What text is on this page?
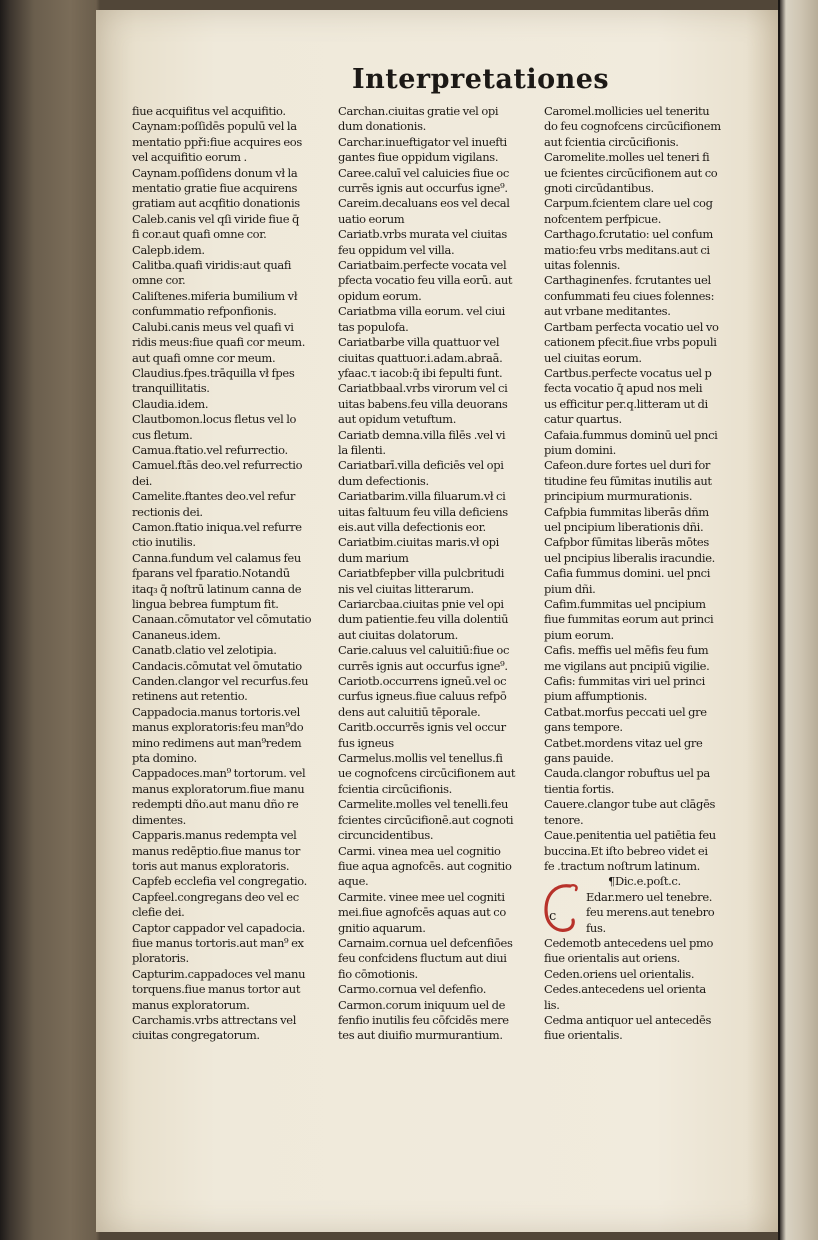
Interpretationes
fiue acquifitus vel acquifitio.
Caynam:poſſidēs populū vel la
mentatio ppři:fiue acquires eos
vel acquifitio eorum .
Caynam.poſſidens donum vł la
mentatio gratie fiue acquirens
gratiam aut acqfitio donationis
Caleb.canis vel qſi viride fiue q̄
fi cor.aut quafi omne cor.
Calepb.idem.
Calitba.quafi viridis:aut quafi
omne cor.
Caliſtenes.miferia bumilium vł
confummatio refponfionis.
Calubi.canis meus vel quafi vi
ridis meus:fiue quafi cor meum.
aut quafi omne cor meum.
Claudius.fpes.trāquilla vł fpes
tranquillitatis.
Claudia.idem.
Clautbomon.locus fletus vel lo
cus fletum.
Camua.ftatio.vel refurrectio.
Camuel.ftās deo.vel refurrectio
dei.
Camelite.ftantes deo.vel refur
rectionis dei.
Camon.ftatio iniqua.vel refurre
ctio inutilis.
Canna.fundum vel calamus feu
fparans vel fparatio.Notandū
itaq₃ q̄ noſtrū latinum canna de
lingua bebrea fumptum fit.
Canaan.cōmutator vel cōmutatio
Cananeus.idem.
Canatb.clatio vel zelotipia.
Candacis.cōmutat vel ōmutatio
Canden.clangor vel recurfus.feu
retinens aut retentio.
Cappadocia.manus tortoris.vel
manus exploratoris:feu man⁹do
mino redimens aut man⁹redem
pta domino.
Cappadoces.man⁹ tortorum. vel
manus exploratorum.fiue manu
redempti dño.aut manu dño re
dimentes.
Capparis.manus redempta vel
manus redēptio.fiue manus tor
toris aut manus exploratoris.
Capfeb ecclefia vel congregatio.
Capfeel.congregans deo vel ec
clefie dei.
Captor cappador vel capadocia.
fiue manus tortoris.aut man⁹ ex
ploratoris.
Capturim.cappadoces vel manu
torquens.fiue manus tortor aut
manus exploratorum.
Carchamis.vrbs attrectans vel
ciuitas congregatorum.
Carchan.ciuitas gratie vel opi
dum donationis.
Carchar.inueftigator vel inuefti
gantes fiue oppidum vigilans.
Caree.caluī vel caluicies fiue oc
currēs ignis aut occurfus igne⁹.
Careim.decaluans eos vel decal
uatio eorum
Cariatb.vrbs murata vel ciuitas
feu oppidum vel villa.
Cariatbaim.perfecte vocata vel
pfecta vocatio feu villa eorū. aut
opidum eorum.
Cariatbma villa eorum. vel ciui
tas populofa.
Cariatbarbe villa quattuor vel
ciuitas quattuor.i.adam.abraā.
yfaac.τ iacob:q̄ ibi fepulti funt.
Cariatbbaal.vrbs virorum vel ci
uitas babens.feu villa deuorans
aut opidum vetuftum.
Cariatb demna.villa filēs .vel vi
la filenti.
Cariatbarī.villa deficiēs vel opi
dum defectionis.
Cariatbarim.villa filuarum.vł ci
uitas faltuum feu villa deficiens
eis.aut villa defectionis eor.
Cariatbim.ciuitas maris.vł opi
dum marium
Cariatbfepber villa pulcbritudi
nis vel ciuitas litterarum.
Cariarcbaa.ciuitas pnie vel opi
dum patientie.feu villa dolentiū
aut ciuitas dolatorum.
Carie.caluus vel caluitiū:fiue oc
currēs ignis aut occurfus igne⁹.
Cariotb.occurrens igneū.vel oc
curfus igneus.fiue caluus refpō
dens aut caluitiū tēporale.
Caritb.occurrēs ignis vel occur
fus igneus
Carmelus.mollis vel tenellus.fi
ue cognofcens circūcifionem aut
fcientia circūcifionis.
Carmelite.molles vel tenelli.feu
fcientes circūcifionē.aut cognoti
circuncidentibus.
Carmi. vinea mea uel cognitio
fiue aqua agnofcēs. aut cognitio
aque.
Carmite. vinee mee uel cogniti
mei.fiue agnofcēs aquas aut co
gnitio aquarum.
Carnaim.cornua uel defcenfiōes
feu confcidens fluctum aut diui
fio cōmotionis.
Carmo.cornua vel defenfio.
Carmon.corum iniquum uel de
fenfio inutilis feu cōfcidēs mere
tes aut diuifio murmurantium.
Caromel.mollicies uel teneritu
do feu cognofcens circūcifionem
aut fcientia circūcifionis.
Caromelite.molles uel teneri fi
ue fcientes circūcifionem aut co
gnoti circūdantibus.
Carpum.fcientem clare uel cog
nofcentem perfpicue.
Carthago.fcrutatio: uel confum
matio:feu vrbs meditans.aut ci
uitas folennis.
Carthaginenfes. fcrutantes uel
confummati feu ciues folennes:
aut vrbane meditantes.
Cartbam perfecta vocatio uel vo
cationem pfecit.fiue vrbs populi
uel ciuitas eorum.
Cartbus.perfecte vocatus uel p
fecta vocatio q̄ apud nos meli
us efficitur per.q.litteram ut di
catur quartus.
Cafaia.fummus dominū uel pnci
pium domini.
Cafeon.dure fortes uel duri for
titudine feu fūmitas inutilis aut
principium murmurationis.
Cafpbia fummitas liberās dñm
uel pncipium liberationis dñi.
Cafpbor fūmitas liberās mōtes
uel pncipius liberalis iracundie.
Cafia fummus domini. uel pnci
pium dñi.
Cafim.fummitas uel pncipium
fiue fummitas eorum aut princi
pium eorum.
Cafis. meffis uel mēfis feu fum
me vigilans aut pncipiū vigilie.
Cafis: fummitas viri uel princi
pium affumptionis.
Catbat.morfus peccati uel gre
gans tempore.
Catbet.mordens vitaz uel gre
gans pauide.
Cauda.clangor robuftus uel pa
tientia fortis.
Cauere.clangor tube aut clāgēs
tenore.
Caue.penitentia uel patiētia feu
buccina.Et iſto bebreo videt ei
fe .tractum noſtrum latinum.
¶Dic.e.poſt.c.
Edar.mero uel tenebre.
feu merens.aut tenebro
fus.
Cedemotb antecedens uel pmo
fiue orientalis aut oriens.
Ceden.oriens uel orientalis.
Cedes.antecedens uel orienta
lis.
Cedma antiquor uel antecedēs
fiue orientalis.
c
